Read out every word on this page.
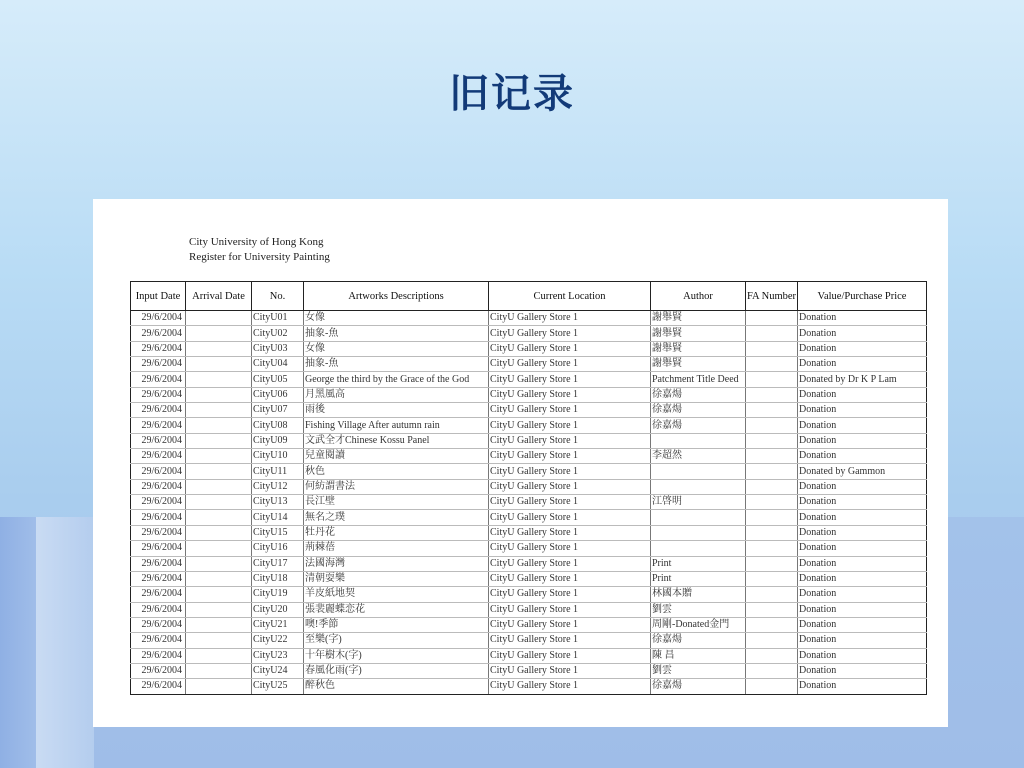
旧记录
City University of Hong Kong
Register for University Painting
Input Date	Arrival Date	No.	Artworks Descriptions	Current Location	Author	FA Number	Value/Purchase Price
29/6/2004		CityU01	女像	CityU Gallery Store 1	謝舉賢		Donation
29/6/2004		CityU02	抽象-魚	CityU Gallery Store 1	謝舉賢		Donation
29/6/2004		CityU03	女像	CityU Gallery Store 1	謝舉賢		Donation
29/6/2004		CityU04	抽象-魚	CityU Gallery Store 1	謝舉賢		Donation
29/6/2004		CityU05	George the third by the Grace of the God	CityU Gallery Store 1	Patchment Title Deed		Donated by Dr K P Lam
29/6/2004		CityU06	月黑風高	CityU Gallery Store 1	徐嘉煬		Donation
29/6/2004		CityU07	雨後	CityU Gallery Store 1	徐嘉煬		Donation
29/6/2004		CityU08	Fishing Village After autumn rain	CityU Gallery Store 1	徐嘉煬		Donation
29/6/2004		CityU09	文武全才Chinese Kossu Panel	CityU Gallery Store 1			Donation
29/6/2004		CityU10	兒童閱讀	CityU Gallery Store 1	李超然		Donation
29/6/2004		CityU11	秋色	CityU Gallery Store 1			Donated by Gammon
29/6/2004		CityU12	何紡謂書法	CityU Gallery Store 1			Donation
29/6/2004		CityU13	長江壁	CityU Gallery Store 1	江啓明		Donation
29/6/2004		CityU14	無名之璞	CityU Gallery Store 1			Donation
29/6/2004		CityU15	牡丹花	CityU Gallery Store 1			Donation
29/6/2004		CityU16	荊棘蓓	CityU Gallery Store 1			Donation
29/6/2004		CityU17	法國海灣	CityU Gallery Store 1	Print		Donation
29/6/2004		CityU18	清朝耍樂	CityU Gallery Store 1	Print		Donation
29/6/2004		CityU19	羊皮紙地契	CityU Gallery Store 1	林國本贈		Donation
29/6/2004		CityU20	張裴麗蝶恋花	CityU Gallery Store 1	劉雲		Donation
29/6/2004		CityU21	噢!季節	CityU Gallery Store 1	周剛-Donated金門		Donation
29/6/2004		CityU22	至樂(字)	CityU Gallery Store 1	徐嘉煬		Donation
29/6/2004		CityU23	十年樹木(字)	CityU Gallery Store 1	陳 昌		Donation
29/6/2004		CityU24	春風化雨(字)	CityU Gallery Store 1	劉雲		Donation
29/6/2004		CityU25	醉秋色	CityU Gallery Store 1	徐嘉煬		Donation
